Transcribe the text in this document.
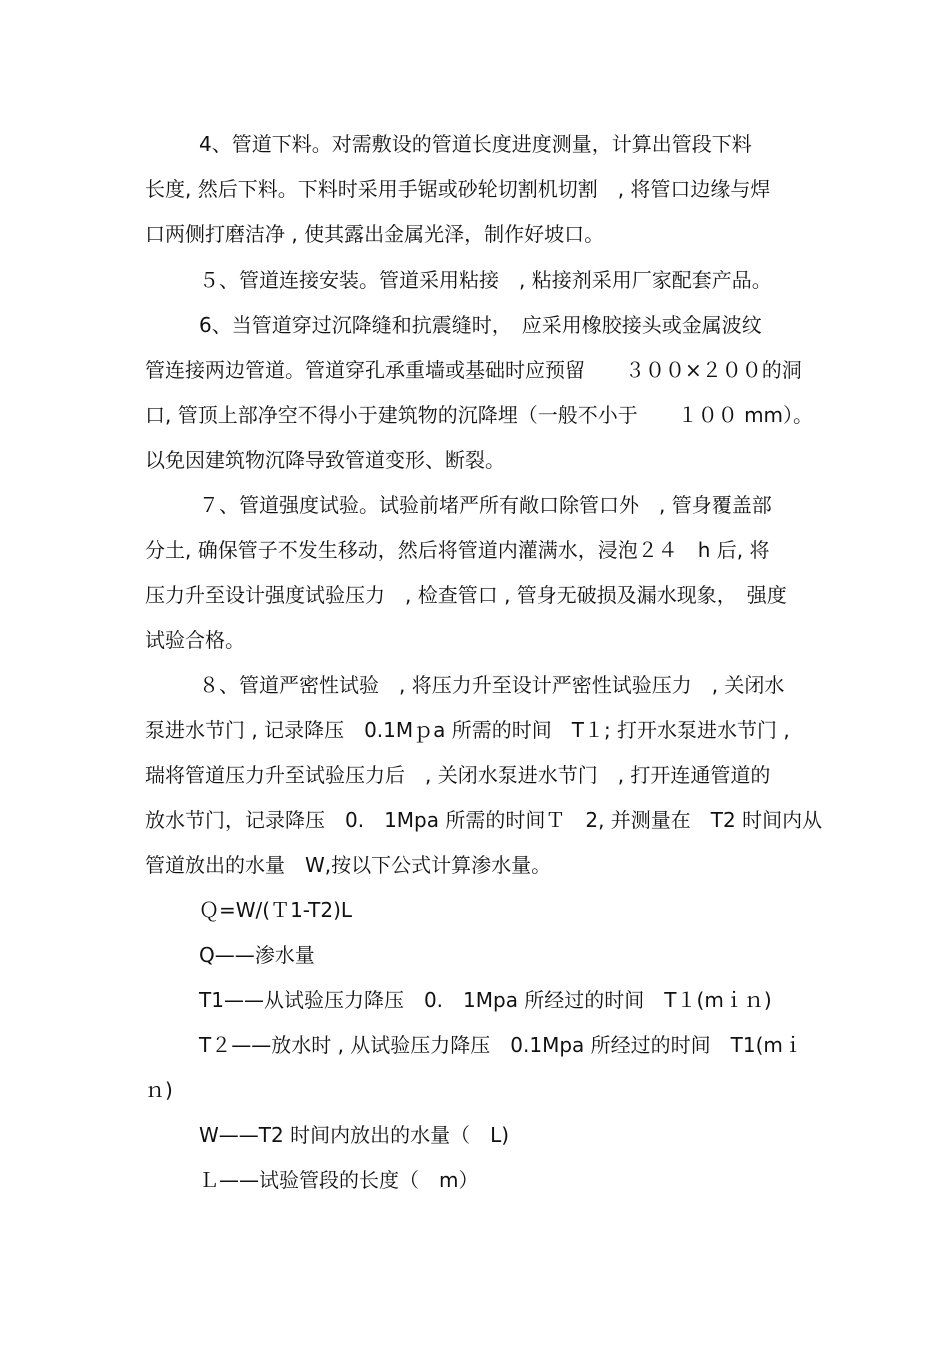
4、管道下料。对需敷设的管道长度进度测量，计算出管段下料
长度, 然后下料。下料时采用手锯或砂轮切割机切割　, 将管口边缘与焊
口两侧打磨洁净 , 使其露出金属光泽，制作好坡口。
５、管道连接安装。管道采用粘接　, 粘接剂采用厂家配套产品。
6、当管道穿过沉降缝和抗震缝时，　应采用橡胶接头或金属波纹
管连接两边管道。管道穿孔承重墙或基础时应预留　　３００×２００的洞
口, 管顶上部净空不得小于建筑物的沉降埋（一般不小于　　１００ mm）。
以免因建筑物沉降导致管道变形、断裂。
７、管道强度试验。试验前堵严所有敞口除管口外　, 管身覆盖部
分土, 确保管子不发生移动，然后将管道内灌满水，浸泡２４　h 后, 将
压力升至设计强度试验压力　, 检查管口 , 管身无破损及漏水现象，　强度
试验合格。
８、管道严密性试验　, 将压力升至设计严密性试验压力　, 关闭水
泵进水节门 , 记录降压　0.1Mｐa 所需的时间　T１; 打开水泵进水节门 ,
瑞将管道压力升至试验压力后　, 关闭水泵进水节门　, 打开连通管道的
放水节门，记录降压　0.　1Mpa 所需的时间Ｔ　2, 并测量在　T2 时间内从
管道放出的水量　W,按以下公式计算渗水量。
Ｑ=W/(Ｔ1-T2)L
Q——渗水量
T1——从试验压力降压　0.　1Mpa 所经过的时间　T１(mｉｎ)
T２——放水时 , 从试验压力降压　0.1Mpa 所经过的时间　T1(mｉ
ｎ)
W——T2 时间内放出的水量（　L)
Ｌ——试验管段的长度（　m）
